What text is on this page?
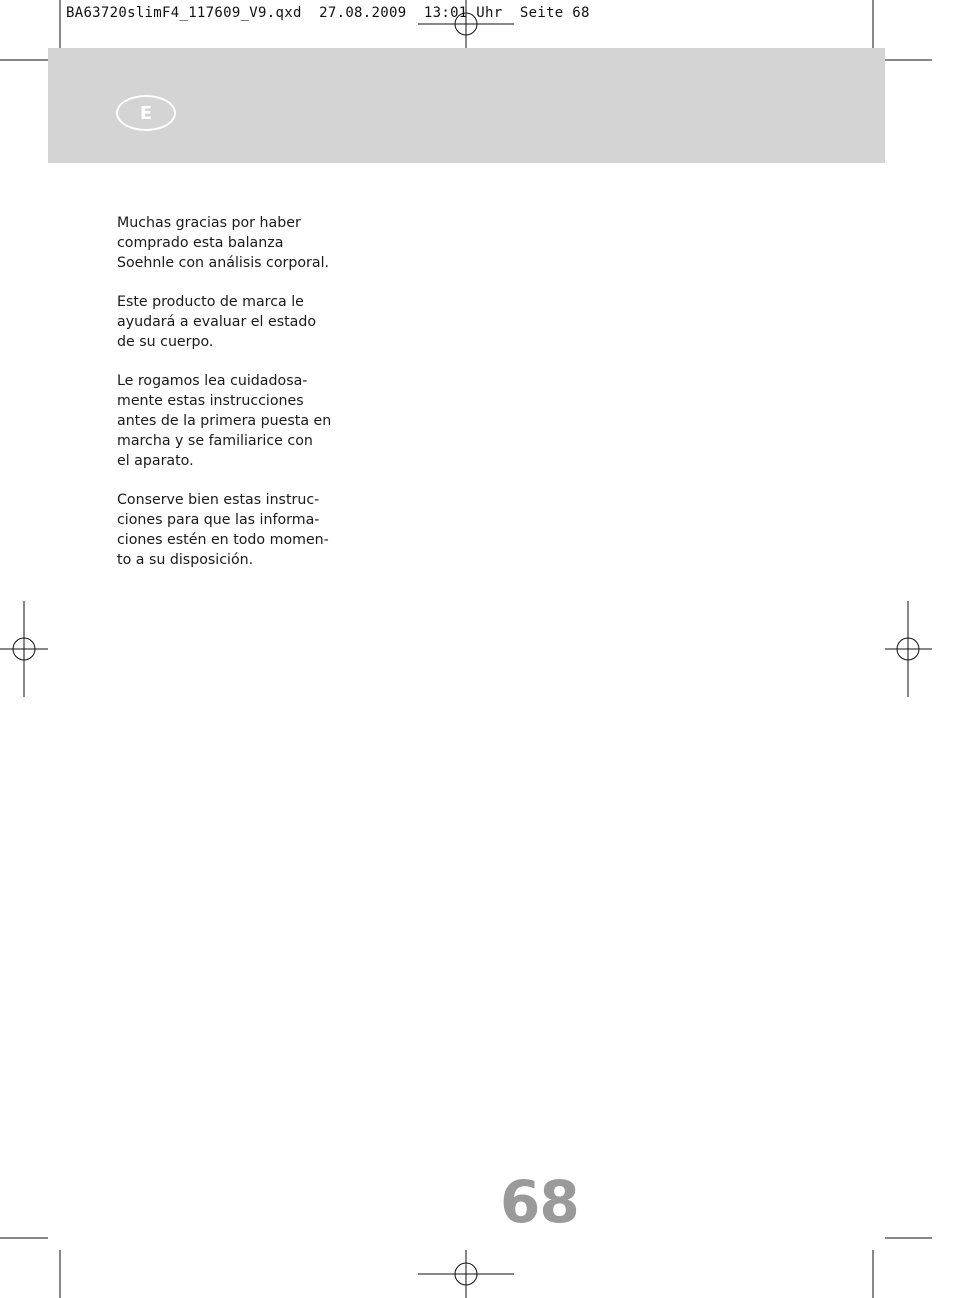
BA63720slimF4_117609_V9.qxd  27.08.2009  13:01 Uhr  Seite 68
E

Muchas gracias por haber
comprado esta balanza
Soehnle con análisis corporal.

Este producto de marca le
ayudará a evaluar el estado
de su cuerpo.

Le rogamos lea cuidadosa-
mente estas instrucciones
antes de la primera puesta en
marcha y se familiarice con
el aparato.

Conserve bien estas instruc-
ciones para que las informa-
ciones estén en todo momen-
to a su disposición.

68
